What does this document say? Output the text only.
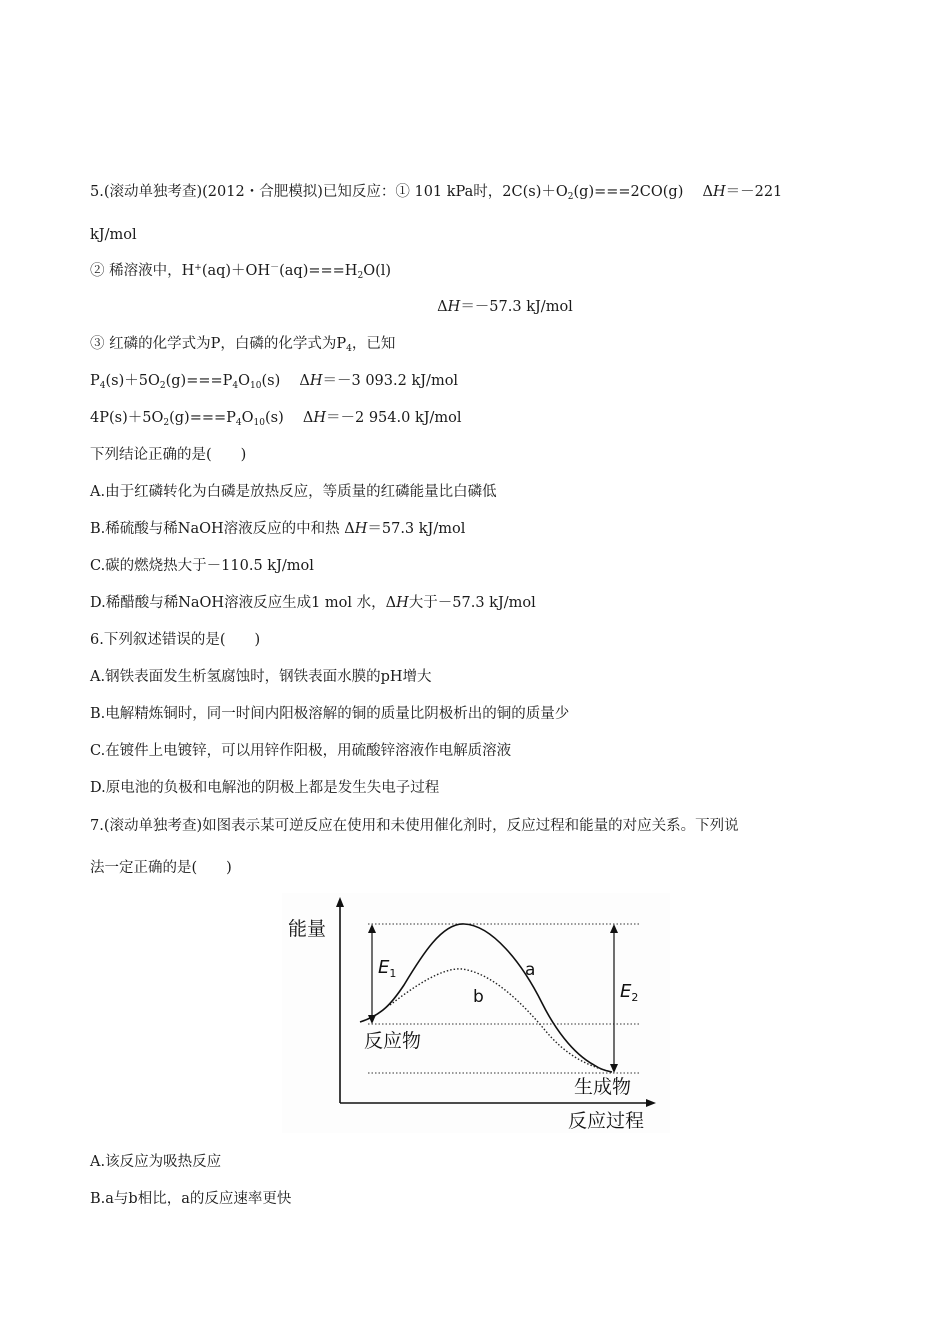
5.(滚动单独考查)(2012・合肥模拟)已知反应：① 101 kPa时，$2C(s)+O_2(g)===2CO(g)$　 ΔH＝－221
kJ/mol
② 稀溶液中，$H^+(aq)+OH^-(aq)===H_2O(l)$
ΔH＝－57.3 kJ/mol
③ 红磷的化学式为P，白磷的化学式为$P_4$，已知
$P_4(s)+5O_2(g)===P_4O_{10}(s)$　 ΔH＝－3 093.2 kJ/mol
$4P(s)+5O_2(g)===P_4O_{10}(s)$　 ΔH＝－2 954.0 kJ/mol
下列结论正确的是(　　)
A.由于红磷转化为白磷是放热反应，等质量的红磷能量比白磷低
B.稀硫酸与稀NaOH溶液反应的中和热 ΔH＝57.3 kJ/mol
C.碳的燃烧热大于－110.5 kJ/mol
D.稀醋酸与稀NaOH溶液反应生成1 mol 水，ΔH大于－57.3 kJ/mol
6.下列叙述错误的是(　　)
A.钢铁表面发生析氢腐蚀时，钢铁表面水膜的pH增大
B.电解精炼铜时，同一时间内阳极溶解的铜的质量比阴极析出的铜的质量少
C.在镀件上电镀锌，可以用锌作阳极，用硫酸锌溶液作电解质溶液
D.原电池的负极和电解池的阴极上都是发生失电子过程
7.(滚动单独考查)如图表示某可逆反应在使用和未使用催化剂时，反应过程和能量的对应关系。下列说
法一定正确的是(　　)
能量
反应过程
反应物
生成物
a
b
$E_1$
$E_2$
A.该反应为吸热反应
B.a与b相比，a的反应速率更快
